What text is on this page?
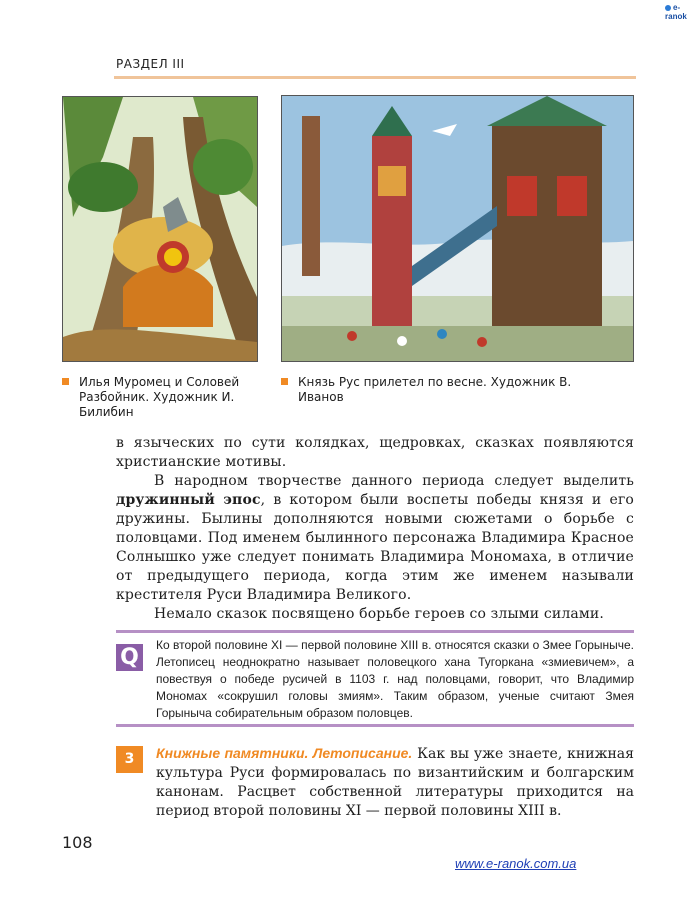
e-ranok
РАЗДЕЛ III
Илья Муромец и Соловей Разбойник. Художник И. Билибин
Князь Рус прилетел по весне. Художник В. Иванов

в языческих по сути колядках, щедровках, сказках появляются христианские мотивы.

В народном творчестве данного периода следует выделить дружинный эпос, в котором были воспеты победы князя и его дружины. Былины дополняются новыми сюжетами о борьбе с половцами. Под именем былинного персонажа Владимира Красное Солнышко уже следует понимать Владимира Мономаха, в отличие от предыдущего периода, когда этим же именем называли крестителя Руси Владимира Великого.

Немало сказок посвящено борьбе героев со злыми силами.

Q	Ко второй половине XI — первой половине XIII в. относятся сказки о Змее Горыныче. Летописец неоднократно называет половецкого хана Тугоркана «змиевичем», а повествуя о победе русичей в 1103 г. над половцами, говорит, что Владимир Мономах «сокрушил головы змиям». Таким образом, ученые считают Змея Горыныча собирательным образом половцев.
3	Книжные памятники. Летописание. Как вы уже знаете, книжная культура Руси формировалась по византийским и болгарским канонам. Расцвет собственной литературы приходится на период второй половины XI — первой половины XIII в.

108
www.e-ranok.com.ua
